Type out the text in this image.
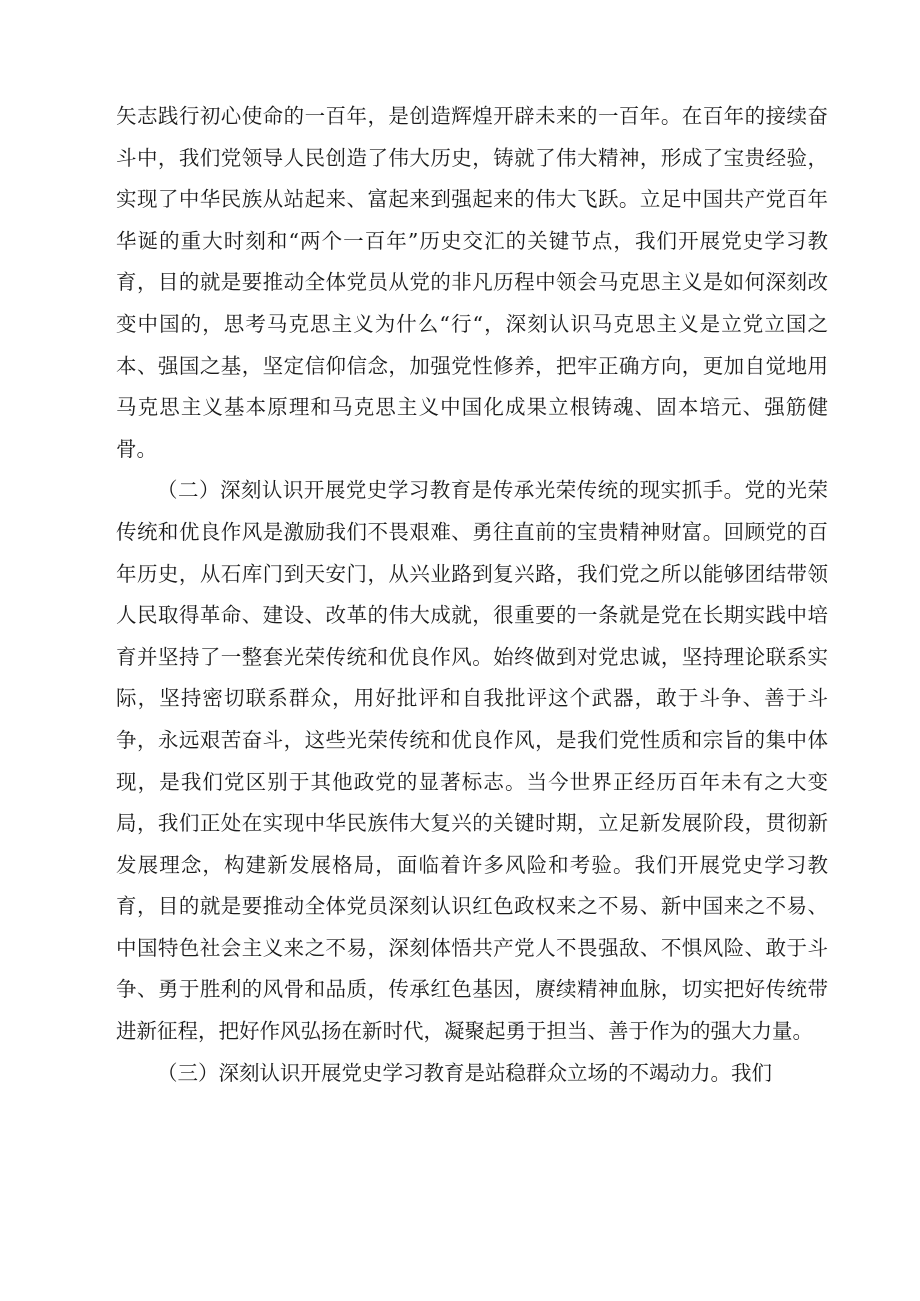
矢志践行初心使命的一百年，是创造辉煌开辟未来的一百年。在百年的接续奋斗中，我们党领导人民创造了伟大历史，铸就了伟大精神，形成了宝贵经验，实现了中华民族从站起来、富起来到强起来的伟大飞跃。立足中国共产党百年华诞的重大时刻和“两个一百年”历史交汇的关键节点，我们开展党史学习教育，目的就是要推动全体党员从党的非凡历程中领会马克思主义是如何深刻改变中国的，思考马克思主义为什么“行“，深刻认识马克思主义是立党立国之本、强国之基，坚定信仰信念，加强党性修养，把牢正确方向，更加自觉地用马克思主义基本原理和马克思主义中国化成果立根铸魂、固本培元、强筋健骨。

（二）深刻认识开展党史学习教育是传承光荣传统的现实抓手。党的光荣传统和优良作风是激励我们不畏艰难、勇往直前的宝贵精神财富。回顾党的百年历史，从石库门到天安门，从兴业路到复兴路，我们党之所以能够团结带领人民取得革命、建设、改革的伟大成就，很重要的一条就是党在长期实践中培育并坚持了一整套光荣传统和优良作风。始终做到对党忠诚，坚持理论联系实际，坚持密切联系群众，用好批评和自我批评这个武器，敢于斗争、善于斗争，永远艰苦奋斗，这些光荣传统和优良作风，是我们党性质和宗旨的集中体现，是我们党区别于其他政党的显著标志。当今世界正经历百年未有之大变局，我们正处在实现中华民族伟大复兴的关键时期，立足新发展阶段，贯彻新发展理念，构建新发展格局，面临着许多风险和考验。我们开展党史学习教育，目的就是要推动全体党员深刻认识红色政权来之不易、新中国来之不易、中国特色社会主义来之不易，深刻体悟共产党人不畏强敌、不惧风险、敢于斗争、勇于胜利的风骨和品质，传承红色基因，赓续精神血脉，切实把好传统带进新征程，把好作风弘扬在新时代，凝聚起勇于担当、善于作为的强大力量。

（三）深刻认识开展党史学习教育是站稳群众立场的不竭动力。我们
